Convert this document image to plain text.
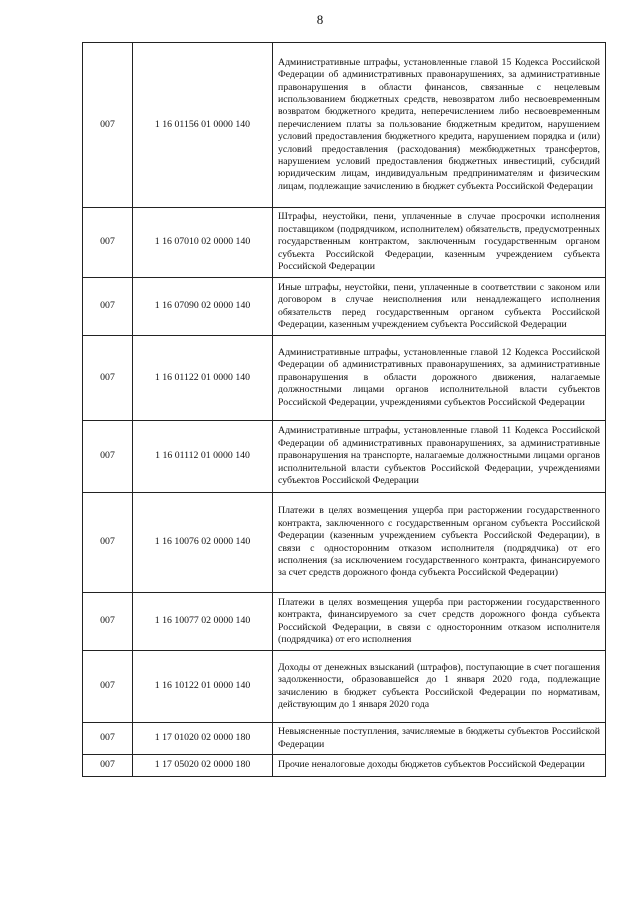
8
007	1 16 01156 01 0000 140	Административные штрафы, установленные главой 15 Кодекса Российской Федерации об административных правонарушениях, за административные правонарушения в области финансов, связанные с нецелевым использованием бюджетных средств, невозвратом либо несвоевременным возвратом бюджетного кредита, неперечислением либо несвоевременным перечислением платы за пользование бюджетным кредитом, нарушением условий предоставления бюджетного кредита, нарушением порядка и (или) условий предоставления (расходования) межбюджетных трансфертов, нарушением условий предоставления бюджетных инвестиций, субсидий юридическим лицам, индивидуальным предпринимателям и физическим лицам, подлежащие зачислению в бюджет субъекта Российской Федерации
007	1 16 07010 02 0000 140	Штрафы, неустойки, пени, уплаченные в случае просрочки исполнения поставщиком (подрядчиком, исполнителем) обязательств, предусмотренных государственным контрактом, заключенным государственным органом субъекта Российской Федерации, казенным учреждением субъекта Российской Федерации
007	1 16 07090 02 0000 140	Иные штрафы, неустойки, пени, уплаченные в соответствии с законом или договором в случае неисполнения или ненадлежащего исполнения обязательств перед государственным органом субъекта Российской Федерации, казенным учреждением субъекта Российской Федерации
007	1 16 01122 01 0000 140	Административные штрафы, установленные главой 12 Кодекса Российской Федерации об административных правонарушениях, за административные правонарушения в области дорожного движения, налагаемые должностными лицами органов исполнительной власти субъектов Российской Федерации, учреждениями субъектов Российской Федерации
007	1 16 01112 01 0000 140	Административные штрафы, установленные главой 11 Кодекса Российской Федерации об административных правонарушениях, за административные правонарушения на транспорте, налагаемые должностными лицами органов исполнительной власти субъектов Российской Федерации, учреждениями субъектов Российской Федерации
007	1 16 10076 02 0000 140	Платежи в целях возмещения ущерба при расторжении государственного контракта, заключенного с государственным органом субъекта Российской Федерации (казенным учреждением субъекта Российской Федерации), в связи с односторонним отказом исполнителя (подрядчика) от его исполнения (за исключением государственного контракта, финансируемого за счет средств дорожного фонда субъекта Российской Федерации)
007	1 16 10077 02 0000 140	Платежи в целях возмещения ущерба при расторжении государственного контракта, финансируемого за счет средств дорожного фонда субъекта Российской Федерации, в связи с односторонним отказом исполнителя (подрядчика) от его исполнения
007	1 16 10122 01 0000 140	Доходы от денежных взысканий (штрафов), поступающие в счет погашения задолженности, образовавшейся до 1 января 2020 года, подлежащие зачислению в бюджет субъекта Российской Федерации по нормативам, действующим до 1 января 2020 года
007	1 17 01020 02 0000 180	Невыясненные поступления, зачисляемые в бюджеты субъектов Российской Федерации
007	1 17 05020 02 0000 180	Прочие неналоговые доходы бюджетов субъектов Российской Федерации
